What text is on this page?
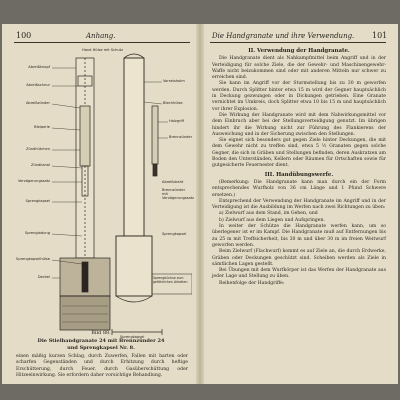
100	Anhang.
Abreißknopf
Abreißschnur
Abreißzünder
Bleiperle
Zündhütchen
Zündkanal
Verzögerungssatz
Sprengkapsel
Sprengladung
Sprengkapselhülse
Deckel
Hand Hülse mit Schutz
Vorratsholm
Blechhülse
Holzgriff
Brennzünder
Abreißdraht
Brennzünder mit Verzögerungssatz
Sprengkapsel
Sprengbüchse zum gefährlichen Arbeiten
Sprengkapsel
Bild 88.
Die Stielhandgranate 24 mit Brennzünder 24
und Sprengkapsel Nr. 8.
einen mäßig kurzen Schlag, durch Zuwerfen, Fallen mit harten oder scharfen Gegenständen und durch Erhitzung durch heftige Erschütterung, durch Feuer, durch Gasüberschüttung oder Hitzeeinwirkung. Sie erfordern daher vorsichtige Behandlung.
Die Handgranate und ihre Verwendung. 101
II. Verwendung der Handgranate.

Die Handgranate dient als Nahkampfmittel beim Angriff und in der Verteidigung für solche Ziele, die der Gewehr- und Maschinengewehr-Waffe nicht beizukommen sind oder mit anderen Mitteln nur schwer zu erreichen sind.

Sie kann im Angriff vor der Sturmstellung bis zu 30 m geworfen werden. Durch Splitter hinter etwa 15 m wird der Gegner hauptsächlich in Deckung gezwungen oder in Dickungen getrieben. Eine Granate vernichtet im Umkreis, doch Splitter etwa 10 bis 15 m und hauptsächlich vor ihrer Explosion.

Die Wirkung der Handgranate wird mit dem Nahwirkungsmittel vor dem Einbruch aber bei der Stellungsverteidigung genutzt. Im übrigen hindert ihr die Wirkung nicht zur Führung des Flankierens der Ausweichung und in der Sicherung zwischen den Stellungen.

Sie eignet sich besonders gut gegen Ziele hinter Deckungen, die mit dem Gewehr nicht zu treffen sind, etwa 5 ½ Granaten gegen solche Gegner, die sich in Gräben und Stellungen befinden, deren Auskratzen am Boden den Unterständen, Kellern oder Räumen für Ortschaften sowie für gutgesicherte Feuernester dient.

III. Handübungswerfe.

(Bemerkung: Die Handgranate kann man durch ein der Form entsprechendes Wurfholz von 36 cm Länge und 1 Pfund Schwere ersetzen.)

Entsprechend der Verwendung der Handgranate im Angriff und in der Verteidigung ist die Ausbildung im Werfen nach zwei Richtungen zu üben:

a) Zielwurf aus dem Stand, im Gehen, und

b) Zielwurf aus dem Liegen und Aufspringen.

In weiter der Schütze die Handgranate werfen kann, um so überlegener ist er im Kampf. Die Handgranate muß auf Entfernungen bis zu 25 m mit Treffsicherheit, bis 30 m und über 30 m im freien Weitwurf geworfen werden.

Beim Zielwurf (Flachwurf) kommt es auf Ziele an, die durch Erdwerke, Gräben oder Deckungen geschützt sind. Scheiben werden als Ziele in sämtlichen Lagen gestellt.

Bei Übungen mit dem Wurfkörper ist das Werfen der Handgranate aus jeder Lage und Stellung zu üben.

Reihenfolge der Handgriffe:
